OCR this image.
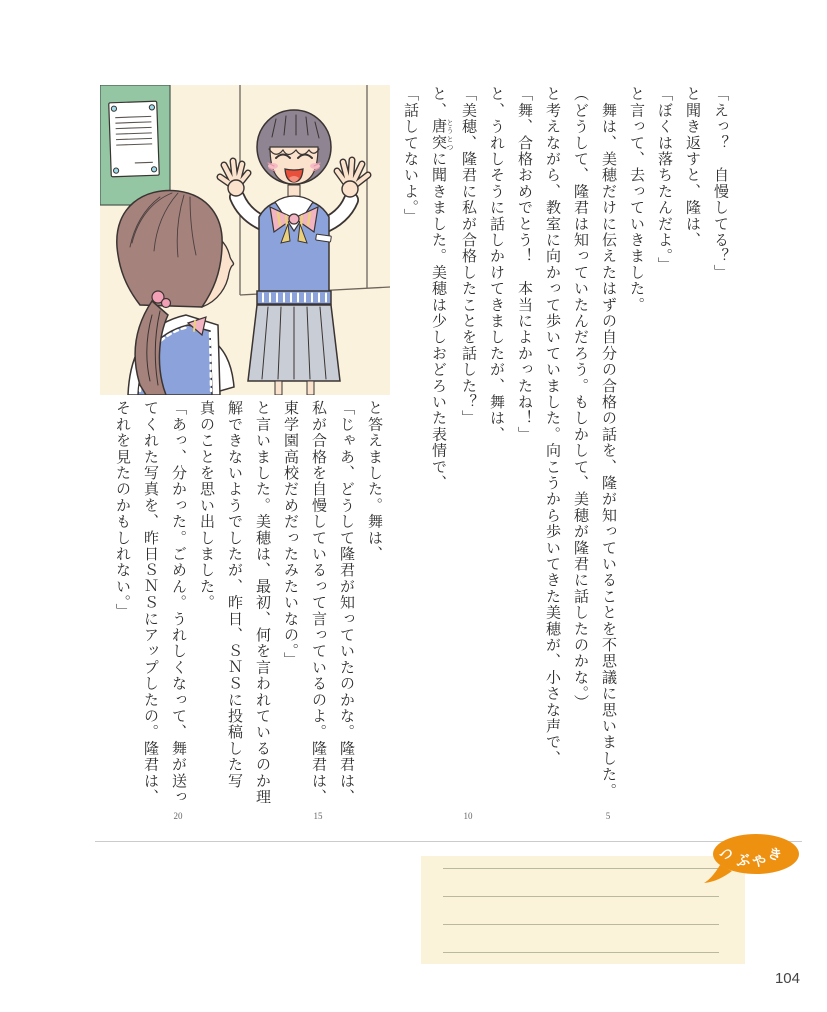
「えっ？　自慢してる？」

と聞き返すと、隆は、

「ぼくは落ちたんだよ。」

と言って、去っていきました。

　舞は、美穂だけに伝えたはずの自分の合格の話を、隆が知っていることを不思議に思いました。

（どうして、隆君は知っていたんだろう。もしかして、美穂が隆君に話したのかな。）

と考えながら、教室に向かって歩いていました。向こうから歩いてきた美穂が、小さな声で、

「舞、合格おめでとう！　本当によかったね！」

と、うれしそうに話しかけてきましたが、舞は、

「美穂、隆君に私が合格したことを話した？」

と、唐突 とうとつに聞きました。美穂は少しおどろいた表情で、

「話してないよ。」

と答えました。舞は、

「じゃあ、どうして隆君が知っていたのかな。隆君は、

私が合格を自慢しているって言っているのよ。隆君は、

東学園高校だめだったみたいなの。」

と言いました。美穂は、最初、何を言われているのか理

解できないようでしたが、昨日、ＳＮＳに投稿した写

真のことを思い出しました。

「あっ、分かった。ごめん。うれしくなって、舞が送っ

てくれた写真を、昨日ＳＮＳにアップしたの。隆君は、

それを見たのかもしれない。」

5
10
15
20
つ ぶ や
き
104
